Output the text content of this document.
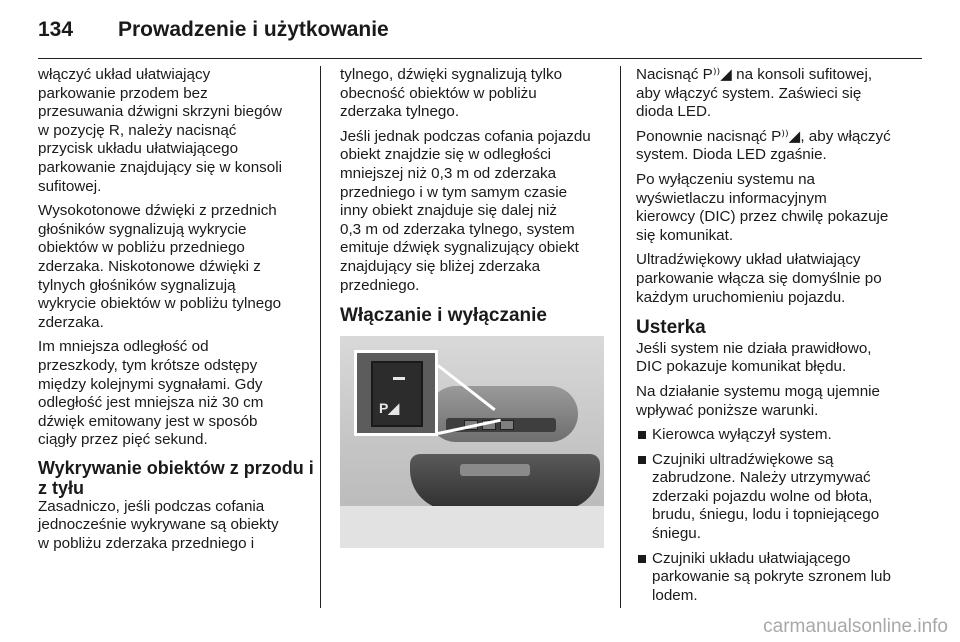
134 Prowadzenie i użytkowanie
włączyć układ ułatwiający
parkowanie przodem bez
przesuwania dźwigni skrzyni biegów
w pozycję R, należy nacisnąć
przycisk układu ułatwiającego
parkowanie znajdujący się w konsoli
sufitowej.
Wysokotonowe dźwięki z przednich
głośników sygnalizują wykrycie
obiektów w pobliżu przedniego
zderzaka. Niskotonowe dźwięki z
tylnych głośników sygnalizują
wykrycie obiektów w pobliżu tylnego
zderzaka.
Im mniejsza odległość od
przeszkody, tym krótsze odstępy
między kolejnymi sygnałami. Gdy
odległość jest mniejsza niż 30 cm
dźwięk emitowany jest w sposób
ciągły przez pięć sekund.
Wykrywanie obiektów z przodu i
z tyłu
Zasadniczo, jeśli podczas cofania
jednocześnie wykrywane są obiekty
w pobliżu zderzaka przedniego i
tylnego, dźwięki sygnalizują tylko
obecność obiektów w pobliżu
zderzaka tylnego.
Jeśli jednak podczas cofania pojazdu
obiekt znajdzie się w odległości
mniejszej niż 0,3 m od zderzaka
przedniego i w tym samym czasie
inny obiekt znajduje się dalej niż
0,3 m od zderzaka tylnego, system
emituje dźwięk sygnalizujący obiekt
znajdujący się bliżej zderzaka
przedniego.
Włączanie i wyłączanie
P◢
Nacisnąć P⁾⁾◢ na konsoli sufitowej,
aby włączyć system. Zaświeci się
dioda LED.
Ponownie nacisnąć P⁾⁾◢, aby włączyć
system. Dioda LED zgaśnie.
Po wyłączeniu systemu na
wyświetlaczu informacyjnym
kierowcy (DIC) przez chwilę pokazuje
się komunikat.
Ultradźwiękowy układ ułatwiający
parkowanie włącza się domyślnie po
każdym uruchomieniu pojazdu.
Usterka
Jeśli system nie działa prawidłowo,
DIC pokazuje komunikat błędu.
Na działanie systemu mogą ujemnie
wpływać poniższe warunki.
Kierowca wyłączył system.
Czujniki ultradźwiękowe są
zabrudzone. Należy utrzymywać
zderzaki pojazdu wolne od błota,
brudu, śniegu, lodu i topniejącego
śniegu.
Czujniki układu ułatwiającego
parkowanie są pokryte szronem lub
lodem.
carmanualsonline.info
